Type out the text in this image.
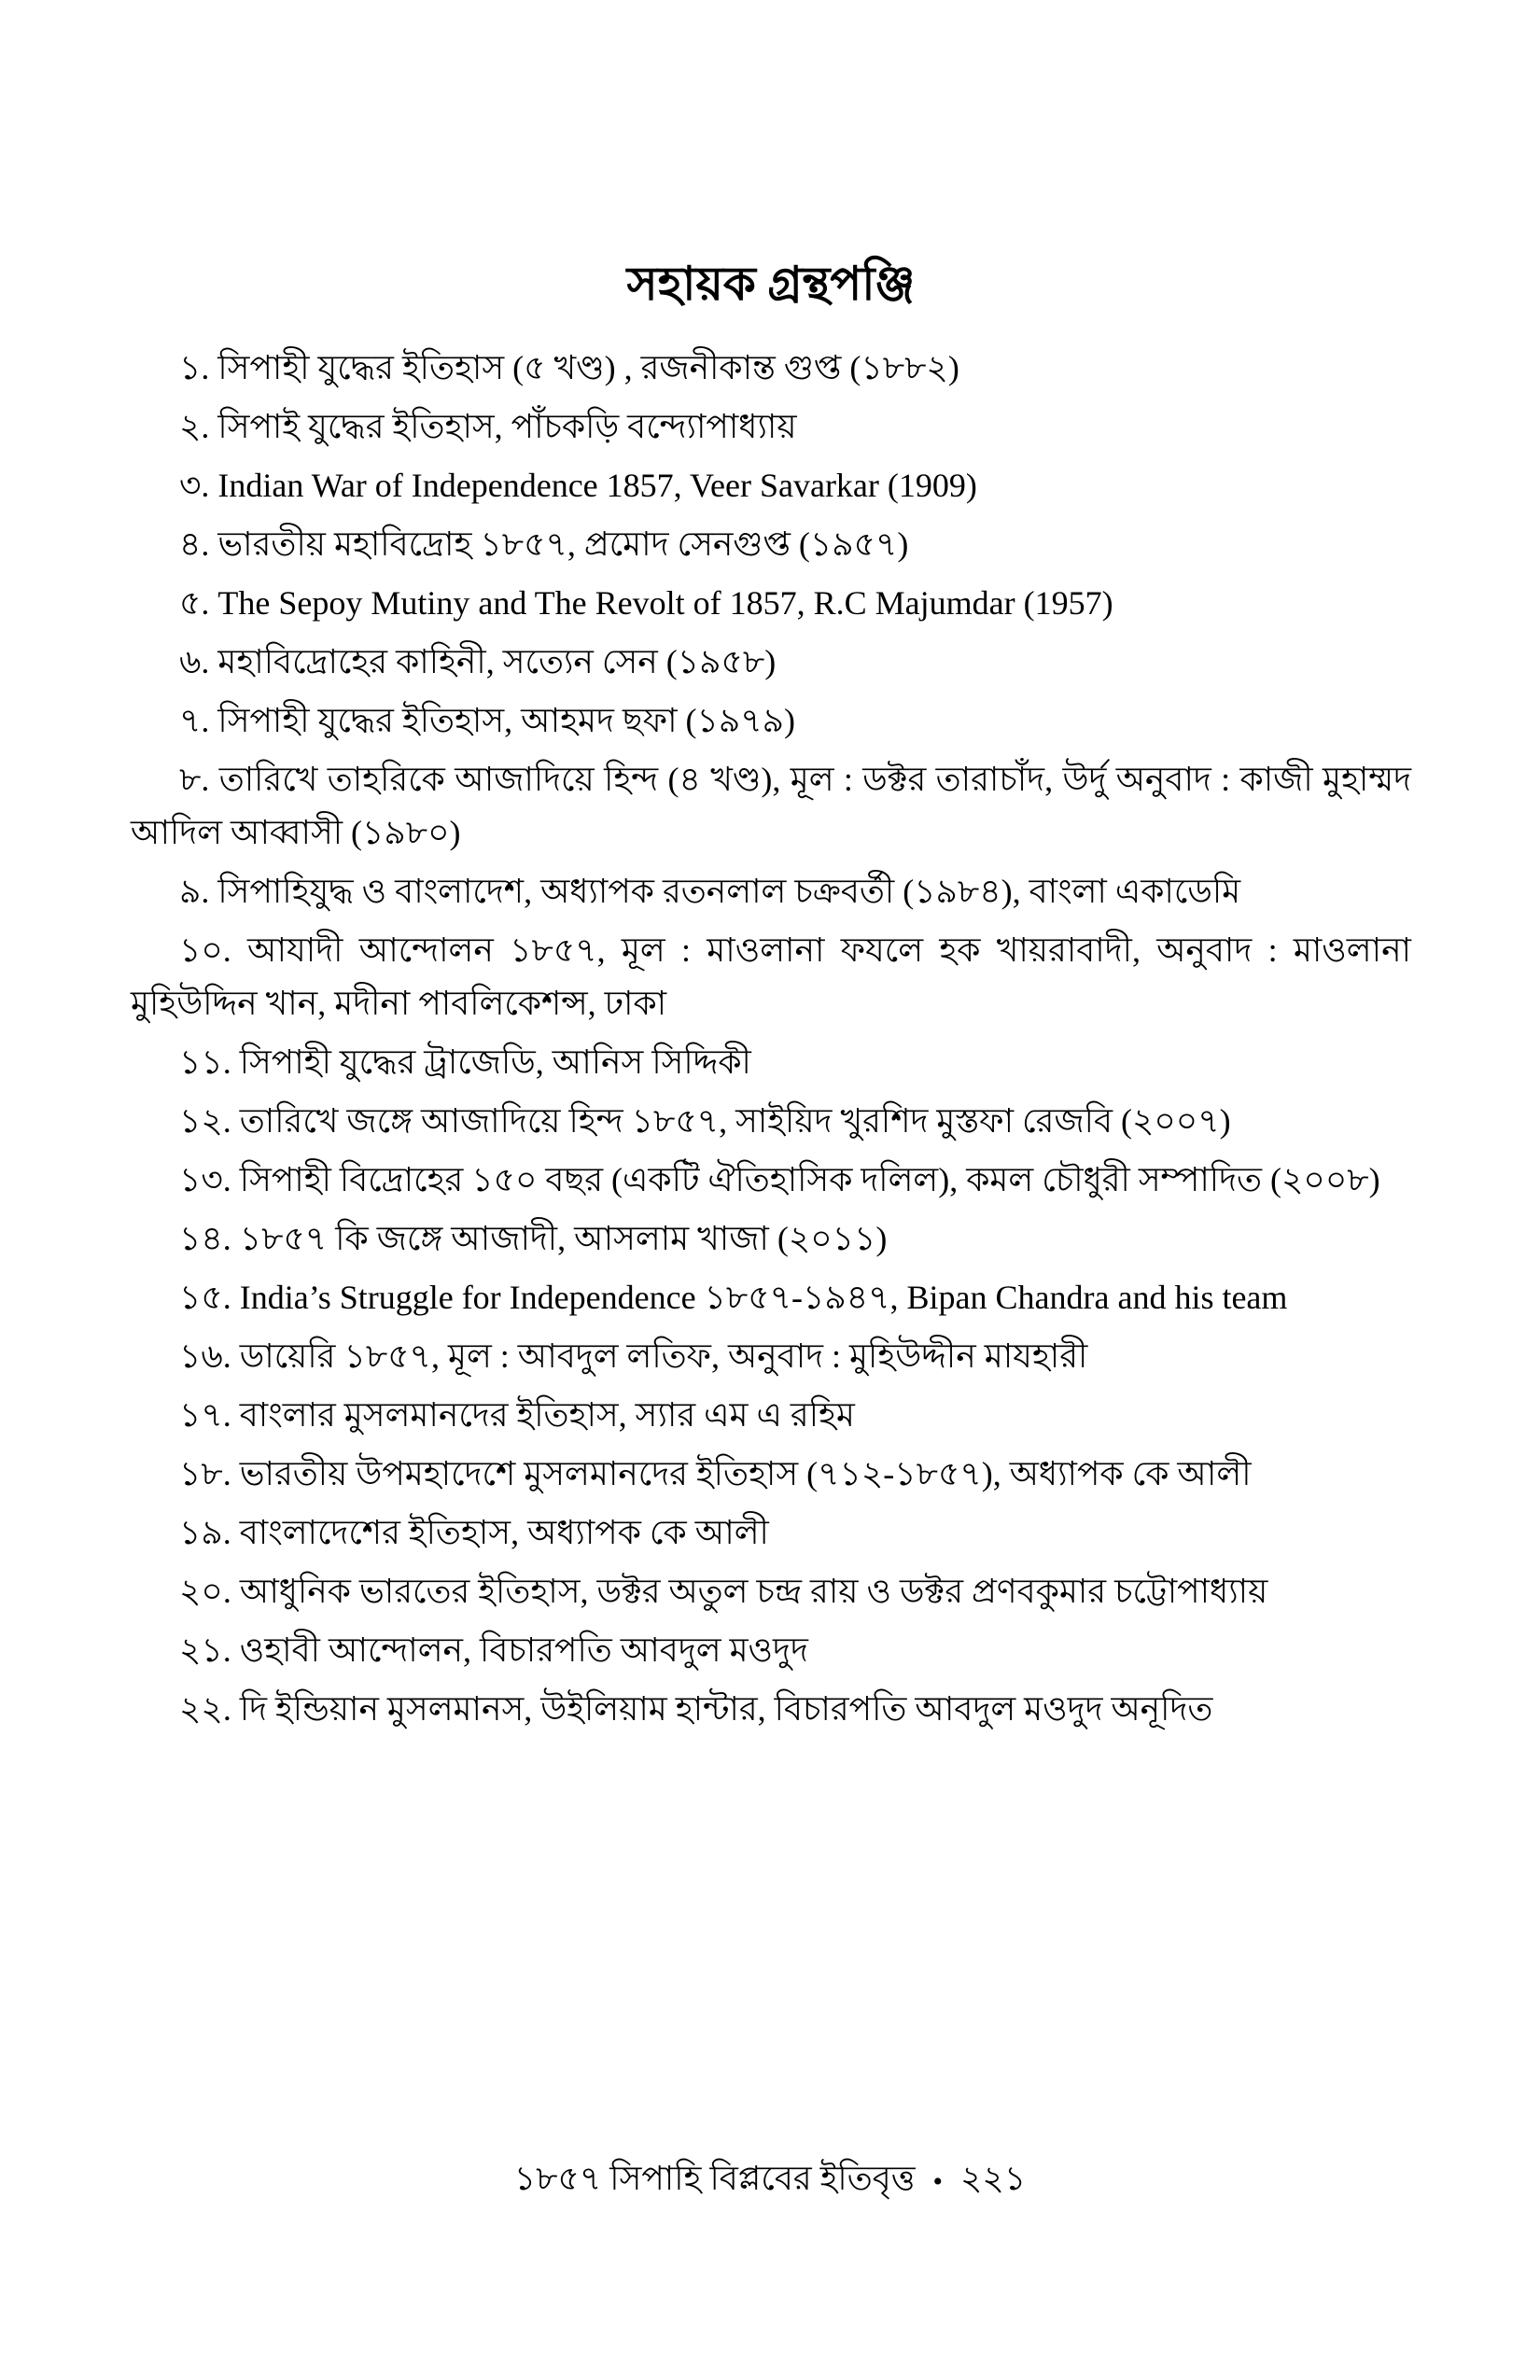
সহায়ক গ্রন্থপঞ্জি

১. সিপাহী যুদ্ধের ইতিহাস (৫ খণ্ড) , রজনীকান্ত গুপ্ত (১৮৮২)

২. সিপাই যুদ্ধের ইতিহাস, পাঁচকড়ি বন্দ্যোপাধ্যায়

৩. Indian War of Independence 1857, Veer Savarkar (1909)

৪. ভারতীয় মহাবিদ্রোহ ১৮৫৭, প্রমোদ সেনগুপ্ত (১৯৫৭)

৫. The Sepoy Mutiny and The Revolt of 1857, R.C Majumdar (1957)

৬. মহাবিদ্রোহের কাহিনী, সত্যেন সেন (১৯৫৮)

৭. সিপাহী যুদ্ধের ইতিহাস, আহমদ ছফা (১৯৭৯)

৮. তারিখে তাহরিকে আজাদিয়ে হিন্দ (৪ খণ্ড), মূল : ডক্টর তারাচাঁদ, উর্দু অনুবাদ : কাজী মুহাম্মদ আদিল আব্বাসী (১৯৮০)

৯. সিপাহিযুদ্ধ ও বাংলাদেশ, অধ্যাপক রতনলাল চক্রবর্তী (১৯৮৪), বাংলা একাডেমি

১০. আযাদী আন্দোলন ১৮৫৭, মূল : মাওলানা ফযলে হক খায়রাবাদী, অনুবাদ : মাওলানা মুহিউদ্দিন খান, মদীনা পাবলিকেশন্স, ঢাকা

১১. সিপাহী যুদ্ধের ট্রাজেডি, আনিস সিদ্দিকী

১২. তারিখে জঙ্গে আজাদিয়ে হিন্দ ১৮৫৭, সাইয়িদ খুরশিদ মুস্তফা রেজবি (২০০৭)

১৩. সিপাহী বিদ্রোহের ১৫০ বছর (একটি ঐতিহাসিক দলিল), কমল চৌধুরী সম্পাদিত (২০০৮)

১৪. ১৮৫৭ কি জঙ্গে আজাদী, আসলাম খাজা (২০১১)

১৫. India’s Struggle for Independence ১৮৫৭-১৯৪৭, Bipan Chandra and his team

১৬. ডায়েরি ১৮৫৭, মূল : আবদুল লতিফ, অনুবাদ : মুহিউদ্দীন মাযহারী

১৭. বাংলার মুসলমানদের ইতিহাস, স্যার এম এ রহিম

১৮. ভারতীয় উপমহাদেশে মুসলমানদের ইতিহাস (৭১২-১৮৫৭), অধ্যাপক কে আলী

১৯. বাংলাদেশের ইতিহাস, অধ্যাপক কে আলী

২০. আধুনিক ভারতের ইতিহাস, ডক্টর অতুল চন্দ্র রায় ও ডক্টর প্রণবকুমার চট্টোপাধ্যায়

২১. ওহাবী আন্দোলন, বিচারপতি আবদুল মওদুদ

২২. দি ইন্ডিয়ান মুসলমানস, উইলিয়াম হান্টার, বিচারপতি আবদুল মওদুদ অনূদিত

১৮৫৭ সিপাহি বিপ্লবের ইতিবৃত্ত • ২২১
